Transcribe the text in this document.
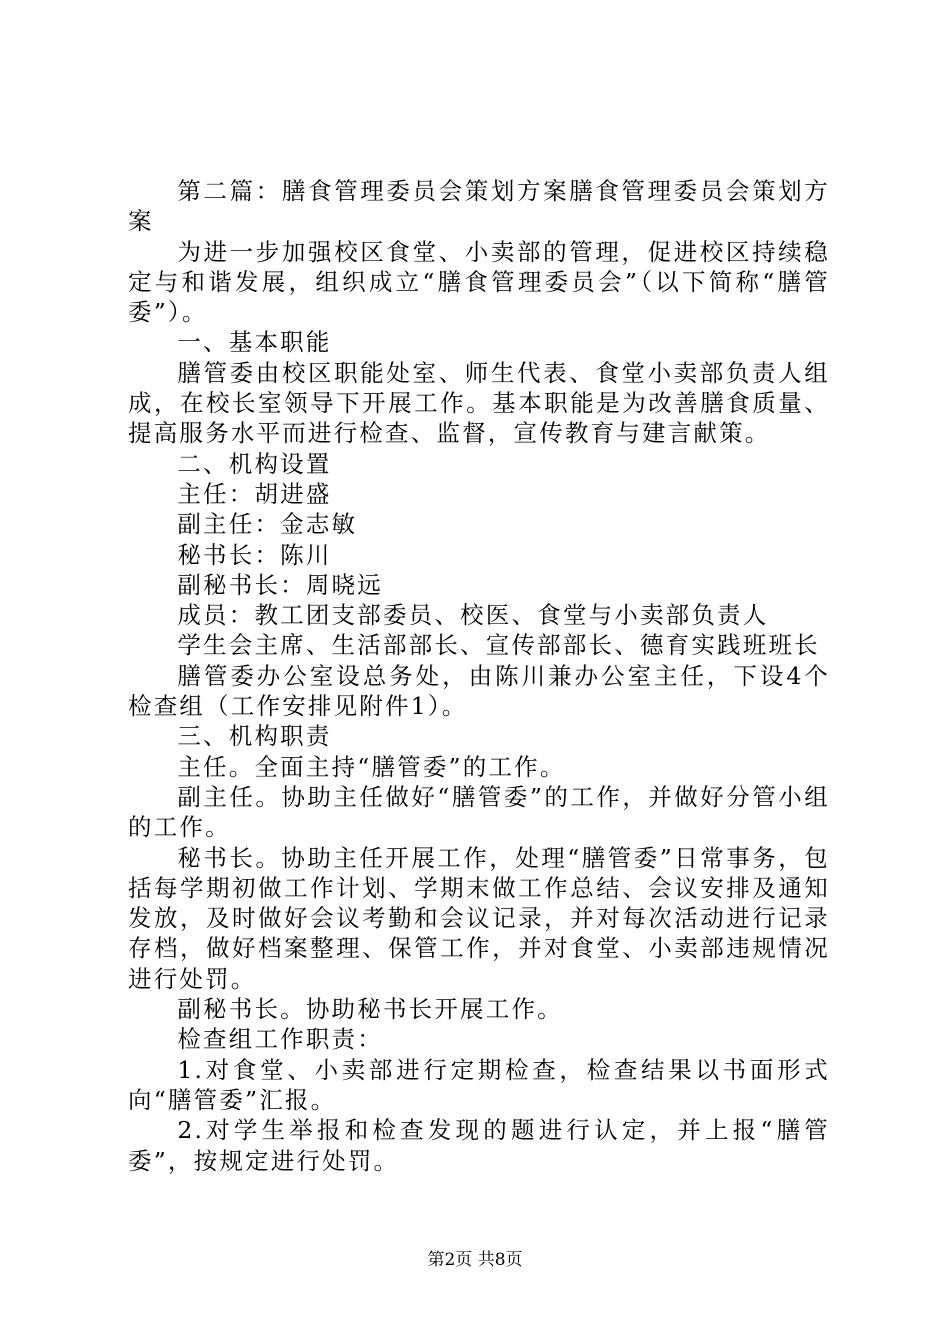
第二篇：膳食管理委员会策划方案膳食管理委员会策划方案

为进一步加强校区食堂、小卖部的管理，促进校区持续稳定与和谐发展，组织成立“膳食管理委员会”（以下简称“膳管委”）。

一、基本职能

膳管委由校区职能处室、师生代表、食堂小卖部负责人组成，在校长室领导下开展工作。基本职能是为改善膳食质量、提高服务水平而进行检查、监督，宣传教育与建言献策。

二、机构设置

主任：胡进盛

副主任：金志敏

秘书长：陈川

副秘书长：周晓远

成员：教工团支部委员、校医、食堂与小卖部负责人

学生会主席、生活部部长、宣传部部长、德育实践班班长

膳管委办公室设总务处，由陈川兼办公室主任，下设4个检查组（工作安排见附件1）。

三、机构职责

主任。全面主持“膳管委”的工作。

副主任。协助主任做好“膳管委”的工作，并做好分管小组的工作。

秘书长。协助主任开展工作，处理“膳管委”日常事务，包括每学期初做工作计划、学期末做工作总结、会议安排及通知发放，及时做好会议考勤和会议记录，并对每次活动进行记录存档，做好档案整理、保管工作，并对食堂、小卖部违规情况进行处罚。

副秘书长。协助秘书长开展工作。

检查组工作职责：

1.对食堂、小卖部进行定期检查，检查结果以书面形式向“膳管委”汇报。

2.对学生举报和检查发现的题进行认定，并上报“膳管委”，按规定进行处罚。

第2页 共8页
